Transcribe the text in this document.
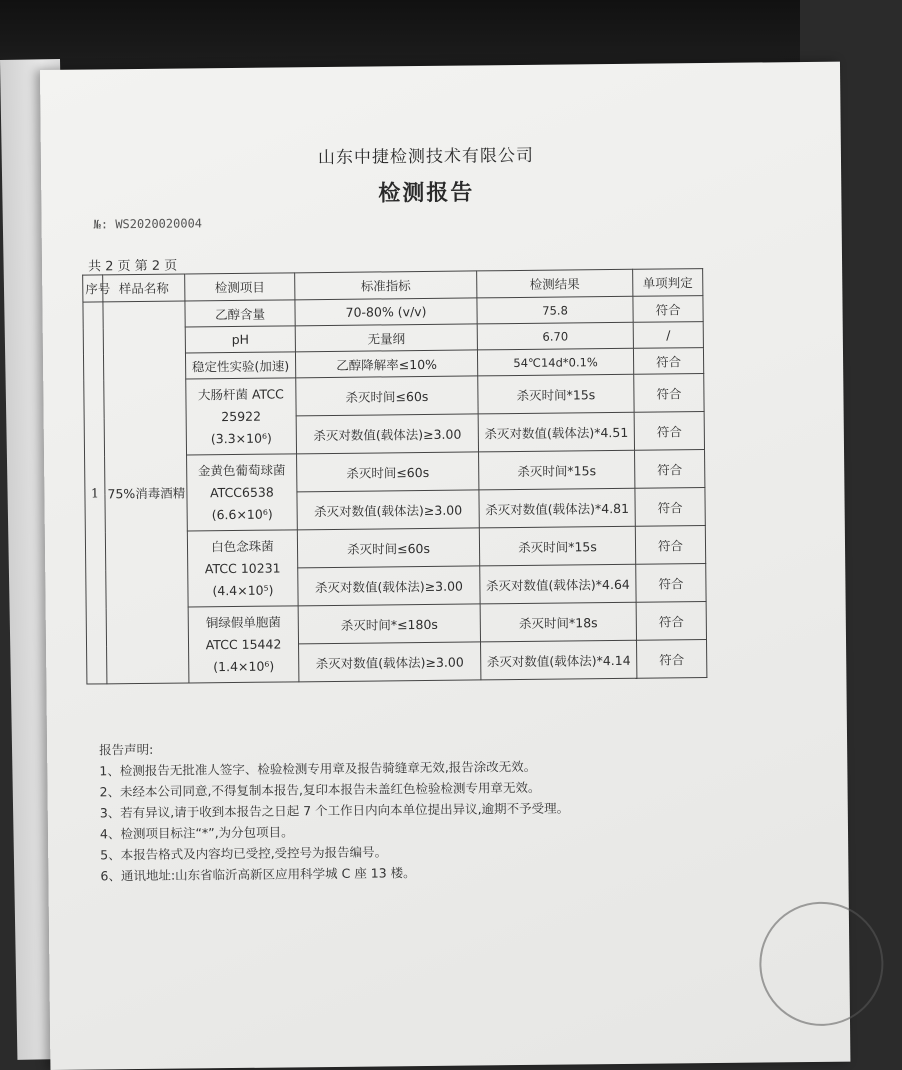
山东中捷检测技术有限公司
检测报告
№: WS2020020004
共 2 页 第 2 页
序号	样品名称	检测项目	标准指标	检测结果	单项判定
1	75%消毒酒精	乙醇含量	70-80% (v/v)	75.8	符合
		pH	无量纲	6.70	/
		稳定性实验(加速)	乙醇降解率≤10%	54℃14d*0.1%	符合

		大肠杆菌 ATCC
25922
(3.3×10⁶)	杀灭时间≤60s	杀灭时间*15s	符合
			杀灭对数值(载体法)≥3.00	杀灭对数值(载体法)*4.51	符合

		金黄色葡萄球菌
ATCC6538
(6.6×10⁶)	杀灭时间≤60s	杀灭时间*15s	符合
			杀灭对数值(载体法)≥3.00	杀灭对数值(载体法)*4.81	符合

		白色念珠菌
ATCC 10231
(4.4×10⁵)	杀灭时间≤60s	杀灭时间*15s	符合
			杀灭对数值(载体法)≥3.00	杀灭对数值(载体法)*4.64	符合

		铜绿假单胞菌
ATCC 15442
(1.4×10⁶)	杀灭时间*≤180s	杀灭时间*18s	符合
			杀灭对数值(载体法)≥3.00	杀灭对数值(载体法)*4.14	符合

报告声明:

1、检测报告无批准人签字、检验检测专用章及报告骑缝章无效,报告涂改无效。

2、未经本公司同意,不得复制本报告,复印本报告未盖红色检验检测专用章无效。

3、若有异议,请于收到本报告之日起 7 个工作日内向本单位提出异议,逾期不予受理。

4、检测项目标注“*”,为分包项目。

5、本报告格式及内容均已受控,受控号为报告编号。

6、通讯地址:山东省临沂高新区应用科学城 C 座 13 楼。
